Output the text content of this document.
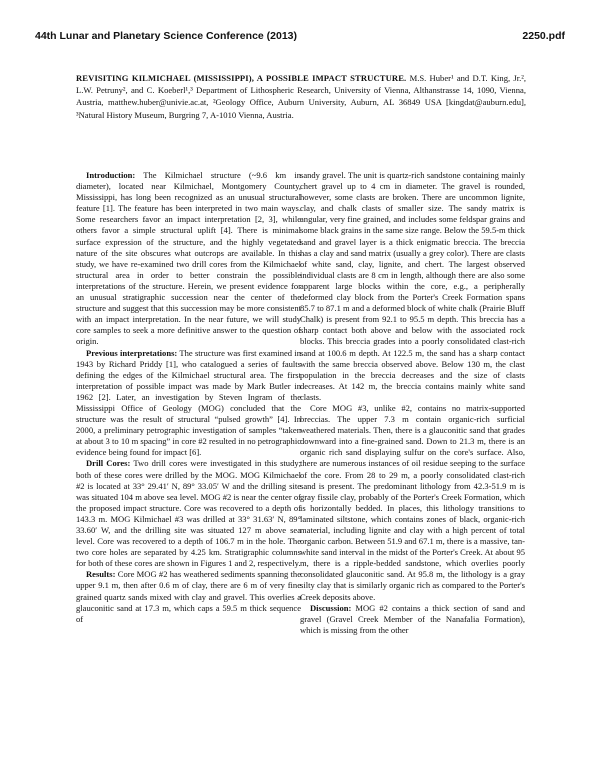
44th Lunar and Planetary Science Conference (2013)	2250.pdf
REVISITING KILMICHAEL (MISSISSIPPI), A POSSIBLE IMPACT STRUCTURE. M.S. Huber¹ and D.T. King, Jr.², L.W. Petruny², and C. Koeberl¹,³ Department of Lithospheric Research, University of Vienna, Althanstrasse 14, 1090, Vienna, Austria, matthew.huber@univie.ac.at, ²Geology Office, Auburn University, Auburn, AL 36849 USA [kingdat@auburn.edu], ³Natural History Museum, Burgring 7, A-1010 Vienna, Austria.

Introduction: The Kilmichael structure (~9.6 km in diameter), located near Kilmichael, Montgomery County, Mississippi, has long been recognized as an unusual structural feature [1]. The feature has been interpreted in two main ways. Some researchers favor an impact interpretation [2, 3], while others favor a simple structural uplift [4]. There is minimal surface expression of the structure, and the highly vegetated nature of the site obscures what outcrops are available. In this study, we have re-examined two drill cores from the Kilmichael structural area in order to better constrain the possible interpretations of the structure. Herein, we present evidence for an unusual stratigraphic succession near the center of the structure and suggest that this succession may be more consistent with an impact interpretation. In the near future, we will study core samples to seek a more definitive answer to the question of origin.

Previous interpretations: The structure was first examined in 1943 by Richard Priddy [1], who catalogued a series of faults defining the edges of the Kilmichael structural area. The first interpretation of possible impact was made by Mark Butler in 1962 [2]. Later, an investigation by Steven Ingram of the Mississippi Office of Geology (MOG) concluded that the structure was the result of structural “pulsed growth” [4]. In 2000, a preliminary petrographic investigation of samples “taken at about 3 to 10 m spacing” in core #2 resulted in no petrographic evidence being found for impact [6].

Drill Cores: Two drill cores were investigated in this study; both of these cores were drilled by the MOG. MOG Kilmichael #2 is located at 33° 29.41′ N, 89° 33.05′ W and the drilling site was situated 104 m above sea level. MOG #2 is near the center of the proposed impact structure. Core was recovered to a depth of 143.3 m. MOG Kilmichael #3 was drilled at 33° 31.63′ N, 89° 33.60′ W, and the drilling site was situated 127 m above sea level. Core was recovered to a depth of 106.7 m in the hole. The two core holes are separated by 4.25 km. Stratigraphic columns for both of these cores are shown in Figures 1 and 2, respectively.

Results: Core MOG #2 has weathered sediments spanning the upper 9.1 m, then after 0.6 m of clay, there are 6 m of very fine grained quartz sands mixed with clay and gravel. This overlies a glauconitic sand at 17.3 m, which caps a 59.5 m thick sequence of

sandy gravel. The unit is quartz-rich sandstone containing mainly chert gravel up to 4 cm in diameter. The gravel is rounded, however, some clasts are broken. There are uncommon lignite, clay, and chalk clasts of smaller size. The sandy matrix is angular, very fine grained, and includes some feldspar grains and some black grains in the same size range. Below the 59.5-m thick sand and gravel layer is a thick enigmatic breccia. The breccia has a clay and sand matrix (usually a grey color). There are clasts of white sand, clay, lignite, and chert. The largest observed individual clasts are 8 cm in length, although there are also some apparent large blocks within the core, e.g., a peripherally deformed clay block from the Porter's Creek Formation spans 85.7 to 87.1 m and a deformed block of white chalk (Prairie Bluff Chalk) is present from 92.1 to 95.5 m depth. This breccia has a sharp contact both above and below with the associated rock blocks. This breccia grades into a poorly consolidated clast-rich sand at 100.6 m depth. At 122.5 m, the sand has a sharp contact with the same breccia observed above. Below 130 m, the clast population in the breccia decreases and the size of clasts decreases. At 142 m, the breccia contains mainly white sand clasts.

Core MOG #3, unlike #2, contains no matrix-supported breccias. The upper 7.3 m contain organic-rich surficial weathered materials. Then, there is a glauconitic sand that grades downward into a fine-grained sand. Down to 21.3 m, there is an organic rich sand displaying sulfur on the core's surface. Also, there are numerous instances of oil residue seeping to the surface of the core. From 28 to 29 m, a poorly consolidated clast-rich sand is present. The predominant lithology from 42.3-51.9 m is gray fissile clay, probably of the Porter's Creek Formation, which is horizontally bedded. In places, this lithology transitions to laminated siltstone, which contains zones of black, organic-rich material, including lignite and clay with a high percent of total organic carbon. Between 51.9 and 67.1 m, there is a massive, tan-white sand interval in the midst of the Porter's Creek. At about 95 m, there is a ripple-bedded sandstone, which overlies poorly consolidated glauconitic sand. At 95.8 m, the lithology is a gray silty clay that is similarly organic rich as compared to the Porter's Creek deposits above.

Discussion: MOG #2 contains a thick section of sand and gravel (Gravel Creek Member of the Nanafalia Formation), which is missing from the other
